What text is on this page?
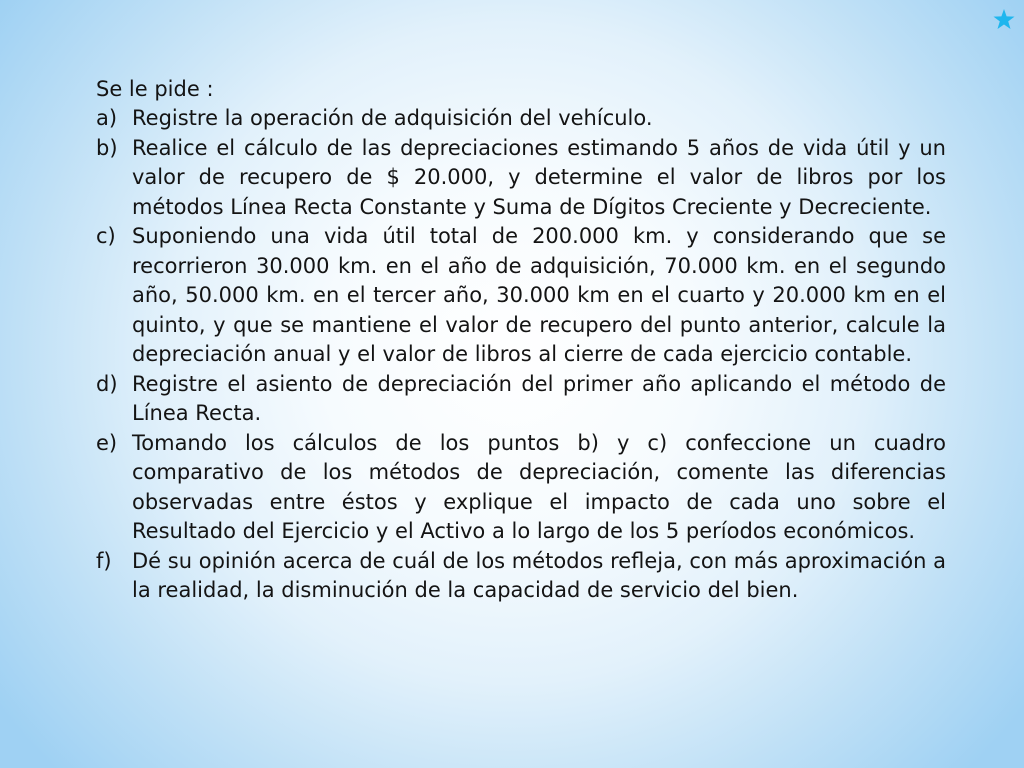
Se le pide :

a) Registre la operación de adquisición del vehículo.
b) Realice el cálculo de las depreciaciones estimando 5 años de vida útil y un valor de recupero de $ 20.000, y determine el valor de libros por los métodos Línea Recta Constante y Suma de Dígitos Creciente y Decreciente.
c) Suponiendo una vida útil total de 200.000 km. y considerando que se recorrieron 30.000 km. en el año de adquisición, 70.000 km. en el segundo año, 50.000 km. en el tercer año, 30.000 km en el cuarto y 20.000 km en el quinto, y que se mantiene el valor de recupero del punto anterior, calcule la depreciación anual y el valor de libros al cierre de cada ejercicio contable.
d) Registre el asiento de depreciación del primer año aplicando el método de Línea Recta.
e) Tomando los cálculos de los puntos b) y c) confeccione un cuadro comparativo de los métodos de depreciación, comente las diferencias observadas entre éstos y explique el impacto de cada uno sobre el Resultado del Ejercicio y el Activo a lo largo de los 5 períodos económicos.
f) Dé su opinión acerca de cuál de los métodos refleja, con más aproximación a la realidad, la disminución de la capacidad de servicio del bien.
